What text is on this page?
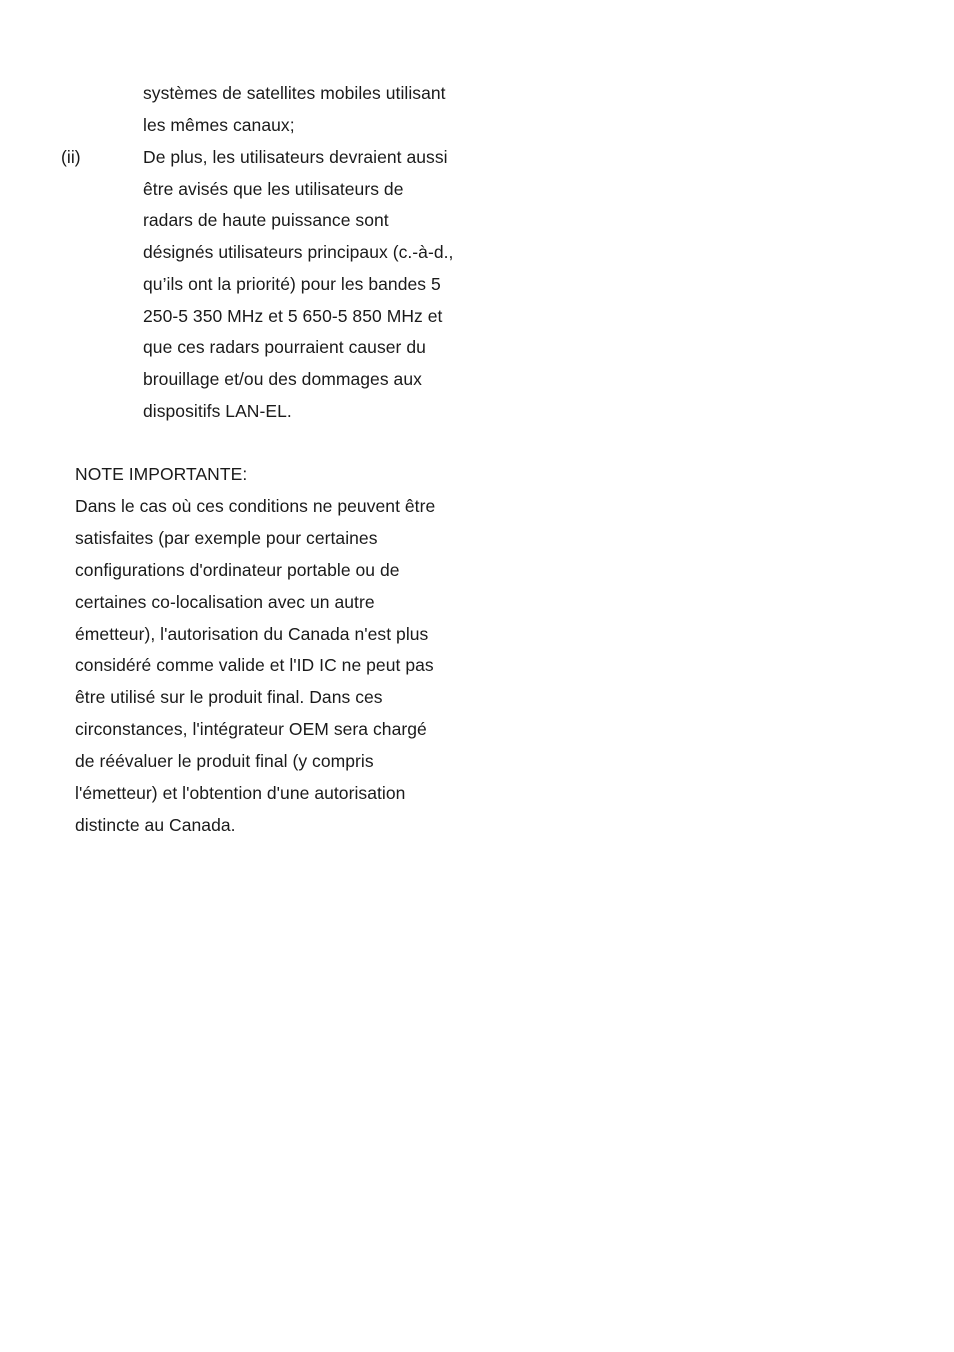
systèmes de satellites mobiles utilisant
les mêmes canaux;
(ii)	De plus, les utilisateurs devraient aussi
être avisés que les utilisateurs de
radars de haute puissance sont
désignés utilisateurs principaux (c.-à-d.,
qu’ils ont la priorité) pour les bandes 5
250-5 350 MHz et 5 650-5 850 MHz et
que ces radars pourraient causer du
brouillage et/ou des dommages aux
dispositifs LAN-EL.
NOTE IMPORTANTE:
Dans le cas où ces conditions ne peuvent être
satisfaites (par exemple pour certaines
configurations d'ordinateur portable ou de
certaines co-localisation avec un autre
émetteur), l'autorisation du Canada n'est plus
considéré comme valide et l'ID IC ne peut pas
être utilisé sur le produit final. Dans ces
circonstances, l'intégrateur OEM sera chargé
de réévaluer le produit final (y compris
l'émetteur) et l'obtention d'une autorisation
distincte au Canada.
